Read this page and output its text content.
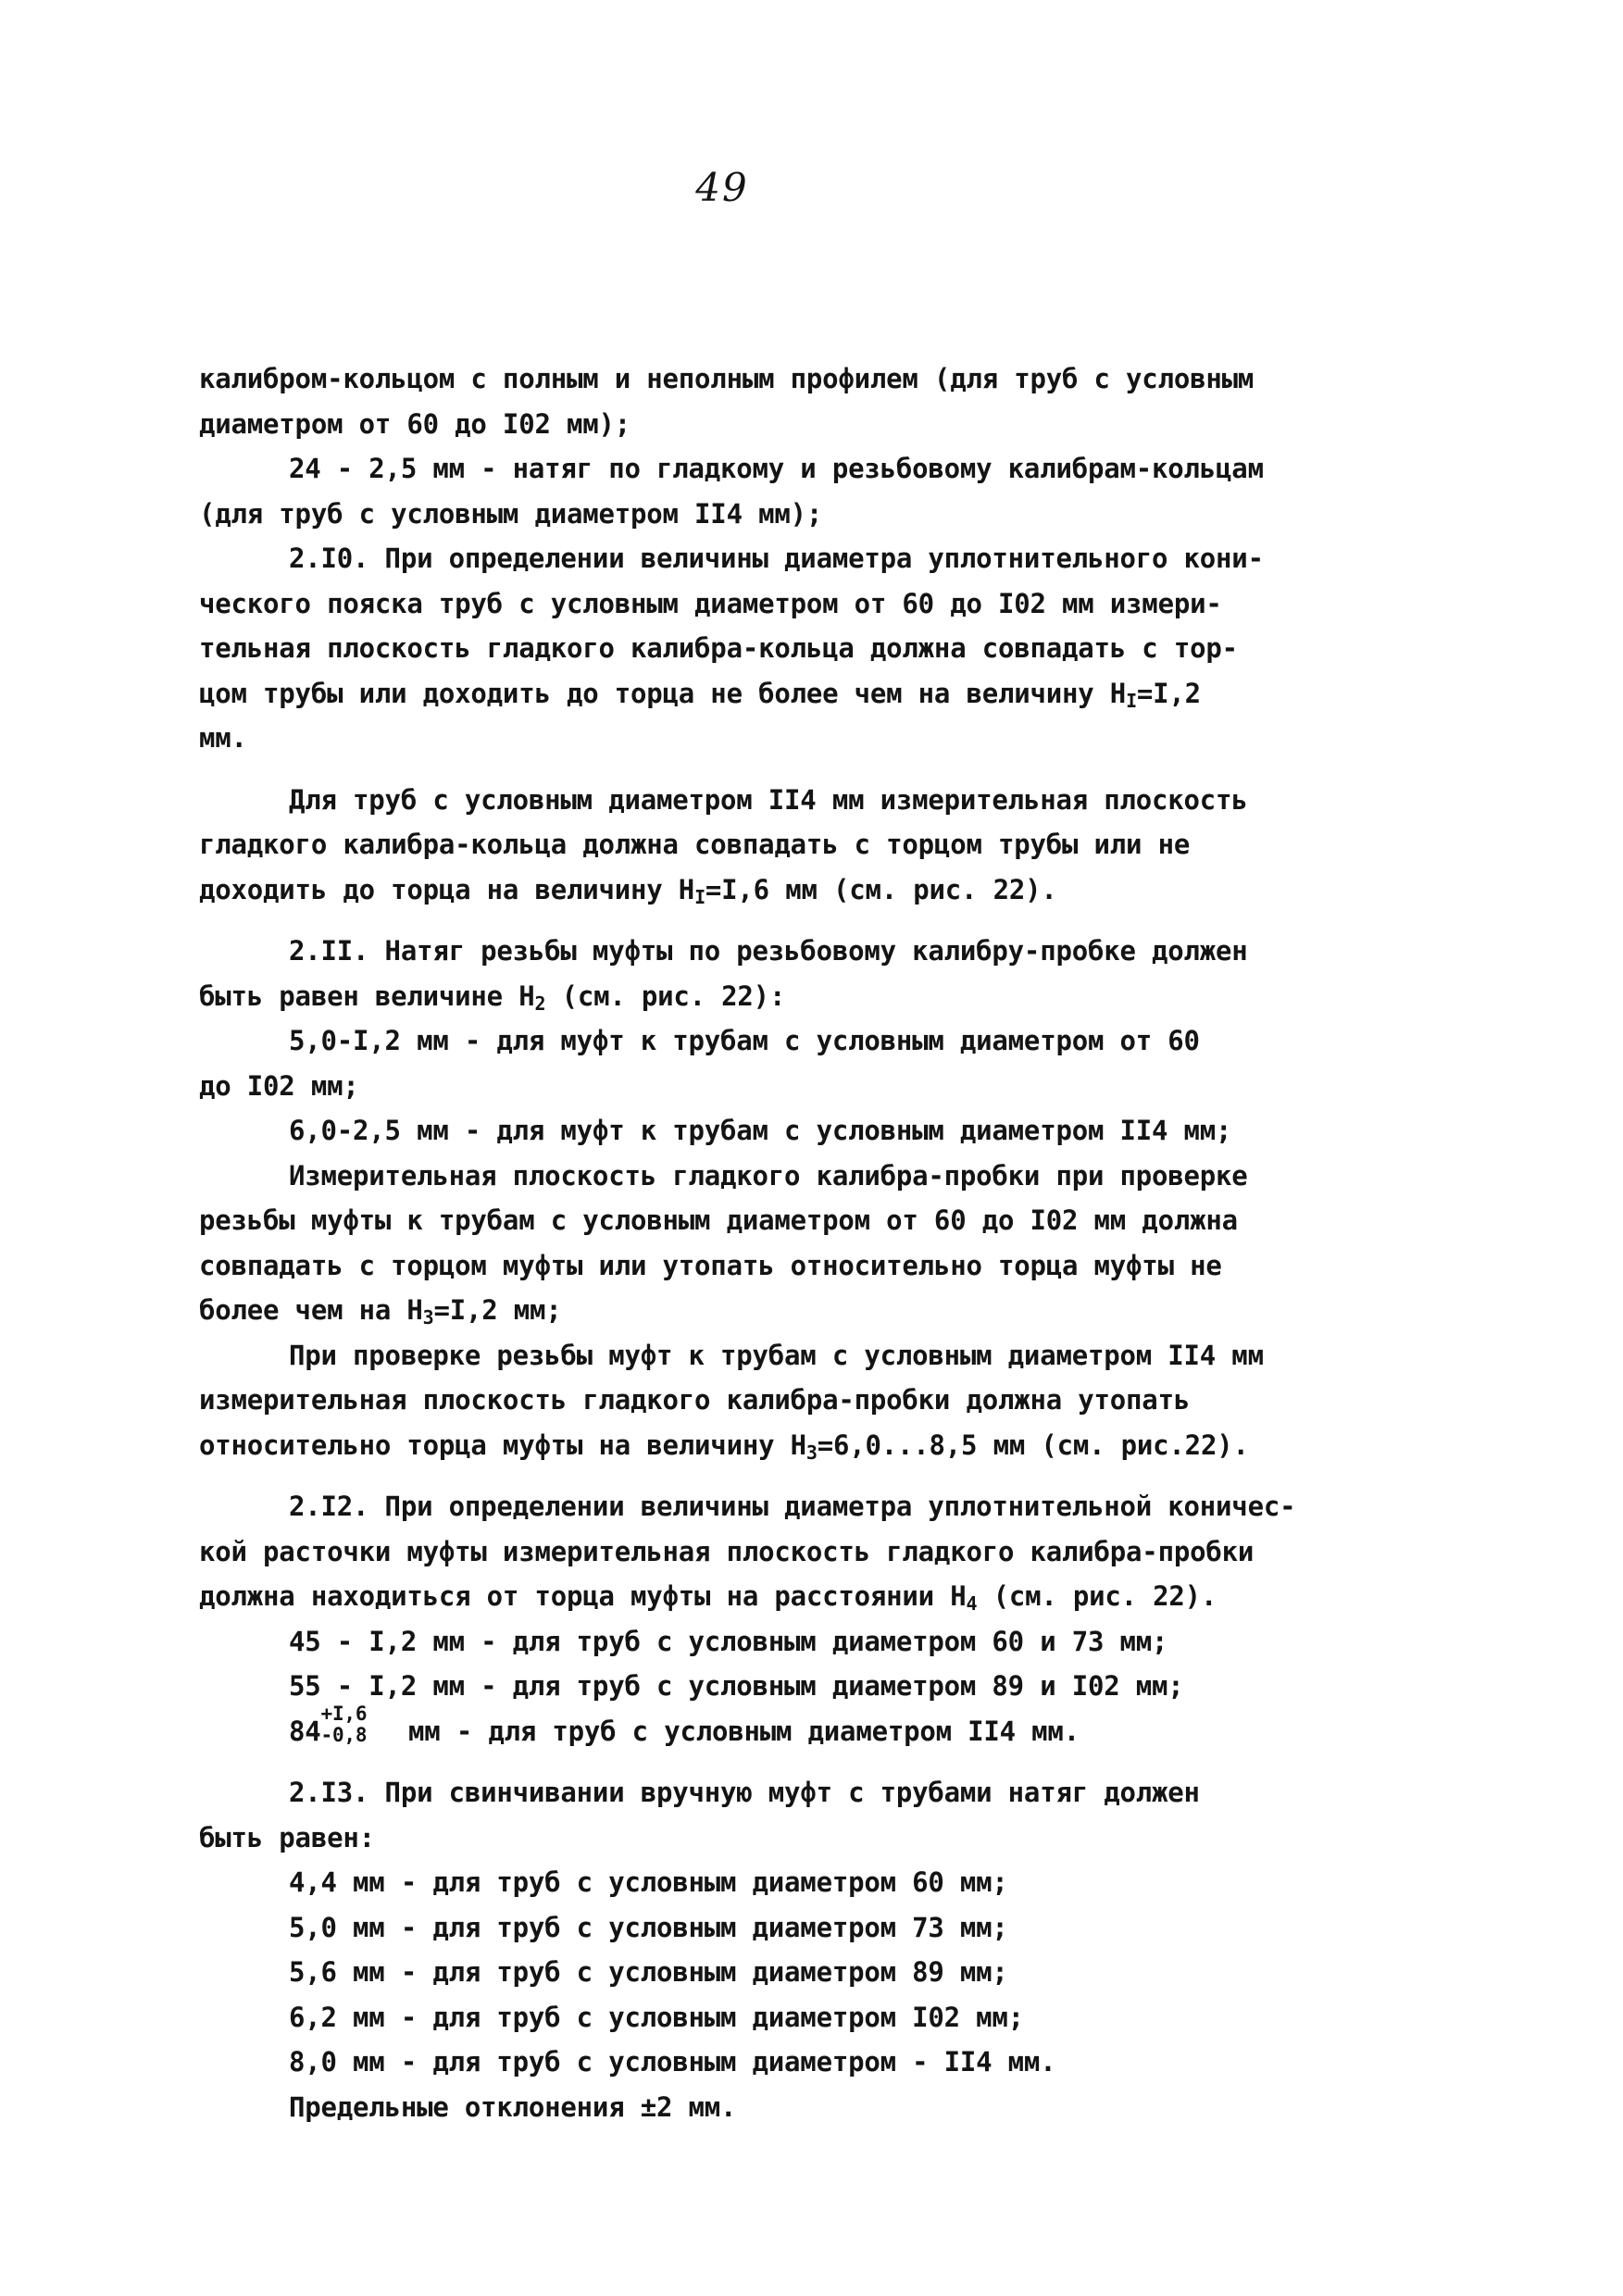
49
калибром-кольцом с полным и неполным профилем (для труб с условным
диаметром от 60 до I02 мм);
24 - 2,5 мм - натяг по гладкому и резьбовому калибрам-кольцам
(для труб с условным диаметром II4 мм);
2.I0. При определении величины диаметра уплотнительного кони-
ческого пояска труб с условным диаметром от 60 до I02 мм измери-
тельная плоскость гладкого калибра-кольца должна совпадать с тор-
цом трубы или доходить до торца не более чем на величину $H_I=I,2$
мм.
Для труб с условным диаметром II4 мм измерительная плоскость
гладкого калибра-кольца должна совпадать с торцом трубы или не
доходить до торца на величину $H_I=I,6$ мм (см. рис. 22).
2.II. Натяг резьбы муфты по резьбовому калибру-пробке должен
быть равен величине $H_2$ (см. рис. 22):
5,0-I,2 мм - для муфт к трубам с условным диаметром от 60
до I02 мм;
6,0-2,5 мм - для муфт к трубам с условным диаметром II4 мм;
Измерительная плоскость гладкого калибра-пробки при проверке
резьбы муфты к трубам с условным диаметром от 60 до I02 мм должна
совпадать с торцом муфты или утопать относительно торца муфты не
более чем на $H_3=I,2$ мм;
При проверке резьбы муфт к трубам с условным диаметром II4 мм
измерительная плоскость гладкого калибра-пробки должна утопать
относительно торца муфты на величину $H_3=6,0...8,5$ мм (см. рис.22).
2.I2. При определении величины диаметра уплотнительной коничес-
кой расточки муфты измерительная плоскость гладкого калибра-пробки
должна находиться от торца муфты на расстоянии $H_4$ (см. рис. 22).
45 - I,2 мм - для труб с условным диаметром 60 и 73 мм;
55 - I,2 мм - для труб с условным диаметром 89 и I02 мм;
84
+I,6
-0,8 мм - для труб с условным диаметром II4 мм.
2.I3. При свинчивании вручную муфт с трубами натяг должен
быть равен:
4,4 мм - для труб с условным диаметром 60 мм;
5,0 мм - для труб с условным диаметром 73 мм;
5,6 мм - для труб с условным диаметром 89 мм;
6,2 мм - для труб с условным диаметром I02 мм;
8,0 мм - для труб с условным диаметром - II4 мм.
Предельные отклонения ±2 мм.
